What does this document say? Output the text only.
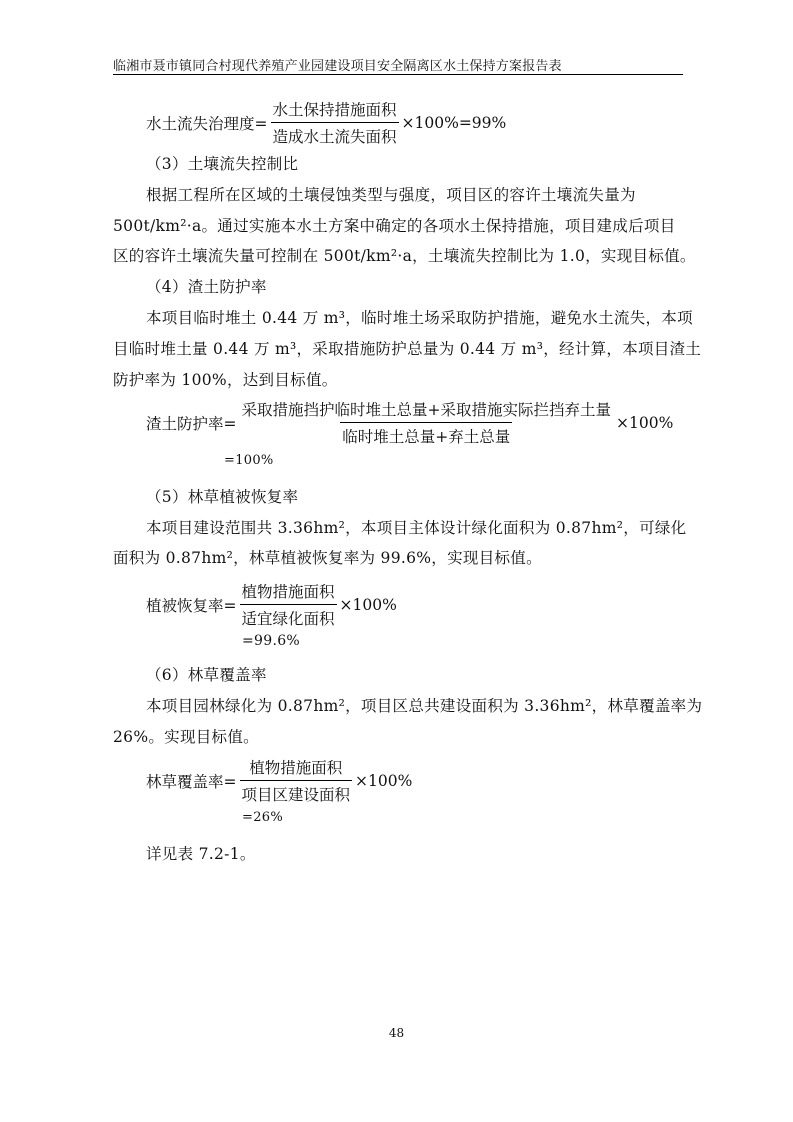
临湘市聂市镇同合村现代养殖产业园建设项目安全隔离区水土保持方案报告表
水土流失治理度= $\frac{\text{水土保持措施面积}}{\text{造成水土流失面积}} \times 100\%=99\%$
（3）土壤流失控制比
根据工程所在区域的土壤侵蚀类型与强度，项目区的容许土壤流失量为
500t/km²·a。通过实施本水土方案中确定的各项水土保持措施，项目建成后项目
区的容许土壤流失量可控制在 500t/km²·a，土壤流失控制比为 1.0，实现目标值。
（4）渣土防护率
本项目临时堆土 0.44 万 m³，临时堆土场采取防护措施，避免水土流失，本项
目临时堆土量 0.44 万 m³，采取措施防护总量为 0.44 万 m³，经计算，本项目渣土
防护率为 100%，达到目标值。
渣土防护率= $\frac{\text{采取措施挡护临时堆土总量+采取措施实际拦挡弃土量}}{\text{临时堆土总量+弃土总量}} \times 100\%$
=100%
（5）林草植被恢复率
本项目建设范围共 3.36hm²，本项目主体设计绿化面积为 0.87hm²，可绿化
面积为 0.87hm²，林草植被恢复率为 99.6%，实现目标值。
植被恢复率= $\frac{\text{植物措施面积}}{\text{适宜绿化面积}} \times 100\%$
=99.6%
（6）林草覆盖率
本项目园林绿化为 0.87hm²，项目区总共建设面积为 3.36hm²，林草覆盖率为
26%。实现目标值。
林草覆盖率= $\frac{\text{植物措施面积}}{\text{项目区建设面积}} \times 100\%$
=26%
详见表 7.2-1。
48
